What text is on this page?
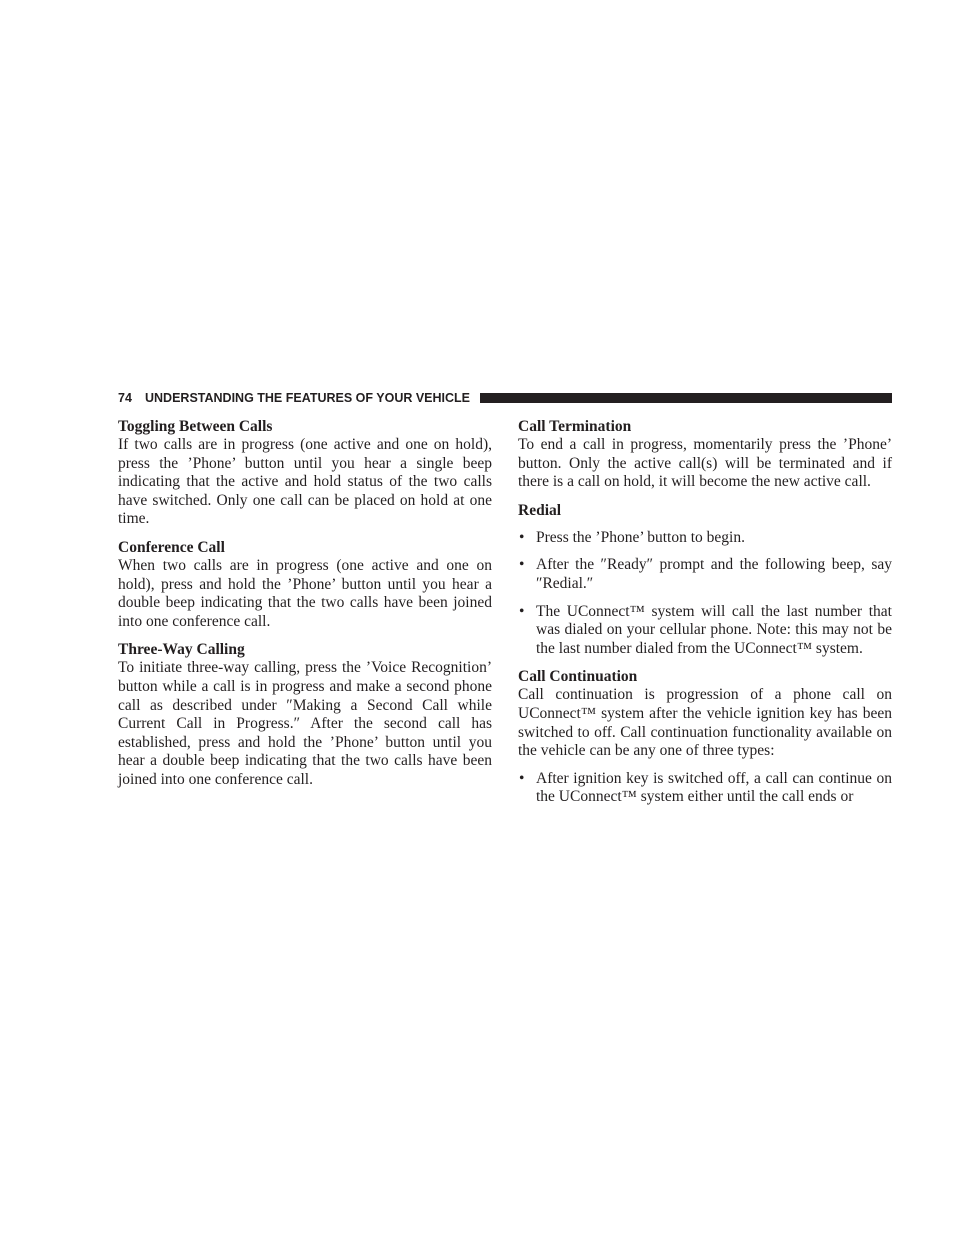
74 UNDERSTANDING THE FEATURES OF YOUR VEHICLE
Toggling Between Calls

If two calls are in progress (one active and one on hold), press the ’Phone’ button until you hear a single beep indicating that the active and hold status of the two calls have switched. Only one call can be placed on hold at one time.

Conference Call

When two calls are in progress (one active and one on hold), press and hold the ’Phone’ button until you hear a double beep indicating that the two calls have been joined into one conference call.

Three-Way Calling

To initiate three-way calling, press the ’Voice Recognition’ button while a call is in progress and make a second phone call as described under ″Making a Second Call while Current Call in Progress.″ After the second call has established, press and hold the ’Phone’ button until you hear a double beep indicating that the two calls have been joined into one conference call.

Call Termination

To end a call in progress, momentarily press the ’Phone’ button. Only the active call(s) will be terminated and if there is a call on hold, it will become the new active call.

Redial
• Press the ’Phone’ button to begin.
• After the ″Ready″ prompt and the following beep, say ″Redial.″
• The UConnect™ system will call the last number that was dialed on your cellular phone. Note: this may not be the last number dialed from the UConnect™ system.
Call Continuation

Call continuation is progression of a phone call on UConnect™ system after the vehicle ignition key has been switched to off. Call continuation functionality available on the vehicle can be any one of three types:

• After ignition key is switched off, a call can continue on the UConnect™ system either until the call ends or
